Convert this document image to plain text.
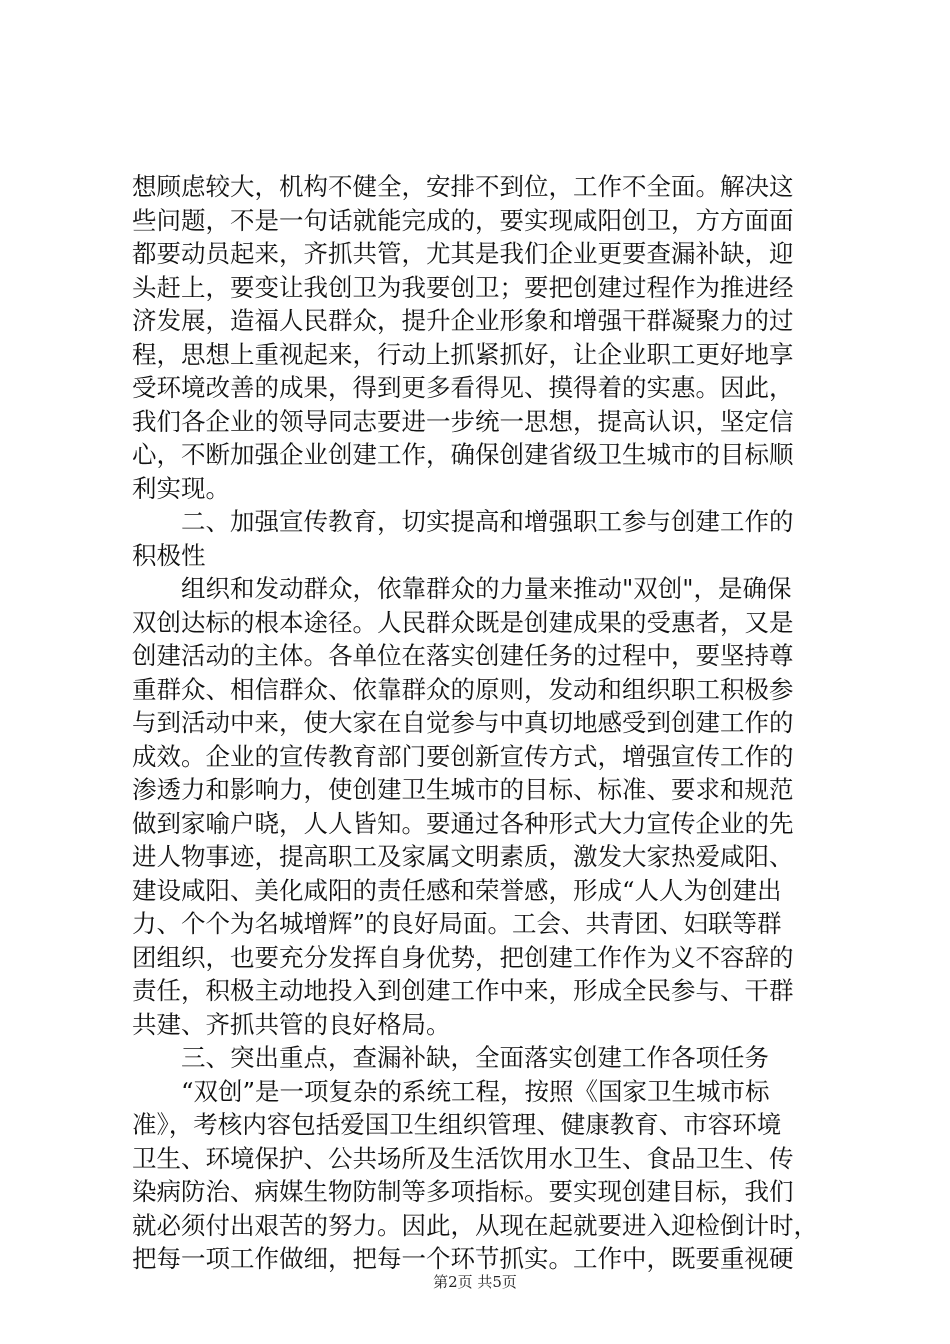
想顾虑较大，机构不健全，安排不到位，工作不全面。解决这
些问题，不是一句话就能完成的，要实现咸阳创卫，方方面面
都要动员起来，齐抓共管，尤其是我们企业更要查漏补缺，迎
头赶上，要变让我创卫为我要创卫；要把创建过程作为推进经
济发展，造福人民群众，提升企业形象和增强干群凝聚力的过
程，思想上重视起来，行动上抓紧抓好，让企业职工更好地享
受环境改善的成果，得到更多看得见、摸得着的实惠。因此，
我们各企业的领导同志要进一步统一思想，提高认识，坚定信
心，不断加强企业创建工作，确保创建省级卫生城市的目标顺
利实现。
　　二、加强宣传教育，切实提高和增强职工参与创建工作的
积极性
　　组织和发动群众，依靠群众的力量来推动"双创"，是确保
双创达标的根本途径。人民群众既是创建成果的受惠者，又是
创建活动的主体。各单位在落实创建任务的过程中，要坚持尊
重群众、相信群众、依靠群众的原则，发动和组织职工积极参
与到活动中来，使大家在自觉参与中真切地感受到创建工作的
成效。企业的宣传教育部门要创新宣传方式，增强宣传工作的
渗透力和影响力，使创建卫生城市的目标、标准、要求和规范
做到家喻户晓，人人皆知。要通过各种形式大力宣传企业的先
进人物事迹，提高职工及家属文明素质，激发大家热爱咸阳、
建设咸阳、美化咸阳的责任感和荣誉感，形成“人人为创建出
力、个个为名城增辉”的良好局面。工会、共青团、妇联等群
团组织，也要充分发挥自身优势，把创建工作作为义不容辞的
责任，积极主动地投入到创建工作中来，形成全民参与、干群
共建、齐抓共管的良好格局。
　　三、突出重点，查漏补缺，全面落实创建工作各项任务
　　“双创”是一项复杂的系统工程，按照《国家卫生城市标
准》，考核内容包括爱国卫生组织管理、健康教育、市容环境
卫生、环境保护、公共场所及生活饮用水卫生、食品卫生、传
染病防治、病媒生物防制等多项指标。要实现创建目标，我们
就必须付出艰苦的努力。因此，从现在起就要进入迎检倒计时，
把每一项工作做细，把每一个环节抓实。工作中，既要重视硬
第2页 共5页
